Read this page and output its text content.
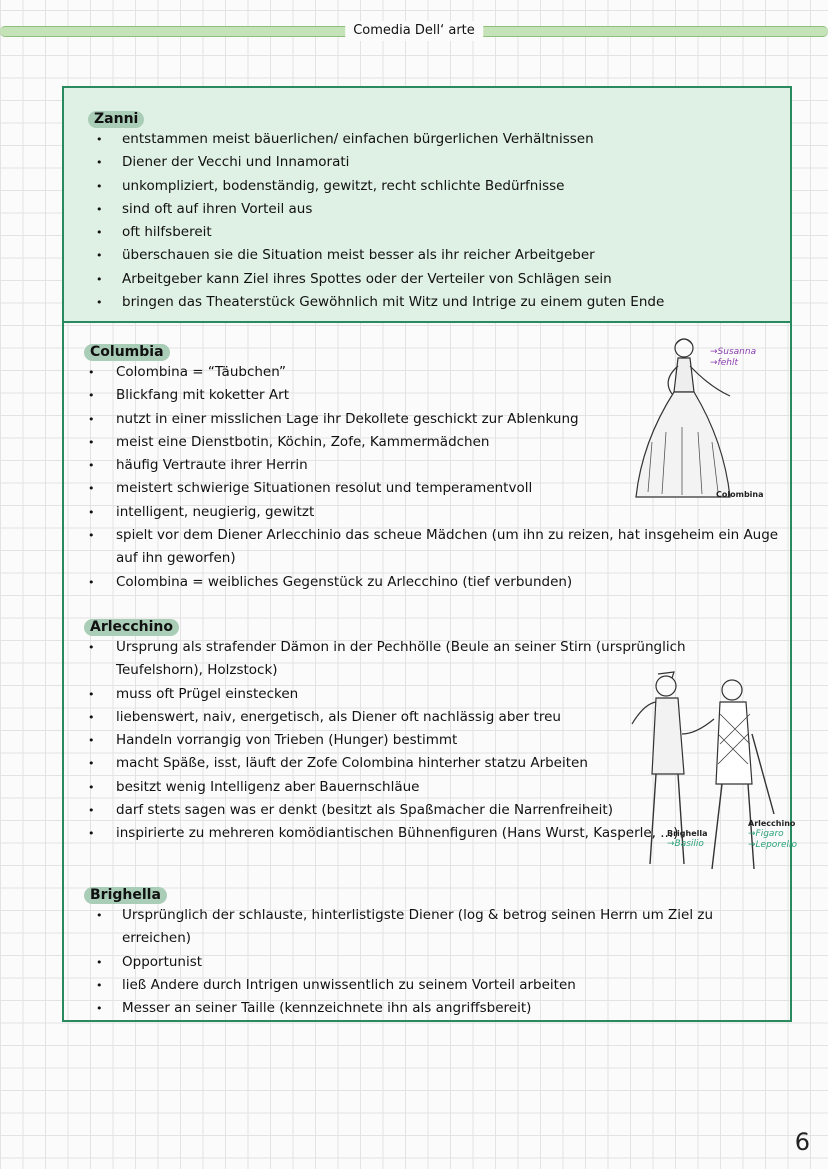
Comedia Dell‘ arte
Zanni
• entstammen meist bäuerlichen/ einfachen bürgerlichen Verhältnissen
• Diener der Vecchi und Innamorati
• unkompliziert, bodenständig, gewitzt, recht schlichte Bedürfnisse
• sind oft auf ihren Vorteil aus
• oft hilfsbereit
• überschauen sie die Situation meist besser als ihr reicher Arbeitgeber
• Arbeitgeber kann Ziel ihres Spottes oder der Verteiler von Schlägen sein
• bringen das Theaterstück Gewöhnlich mit Witz und Intrige zu einem guten Ende
Columbia
• Colombina = “Täubchen”
• Blickfang mit koketter Art
• nutzt in einer misslichen Lage ihr Dekollete geschickt zur Ablenkung
• meist eine Dienstbotin, Köchin, Zofe, Kammermädchen
• häufig Vertraute ihrer Herrin
• meistert schwierige Situationen resolut und temperamentvoll
• intelligent, neugierig, gewitzt
• spielt vor dem Diener Arlecchinio das scheue Mädchen (um ihn zu reizen, hat insgeheim ein Auge auf ihn geworfen)
• Colombina = weibliches Gegenstück zu Arlecchino (tief verbunden)
Colombina
→Susanna
→fehlt
Arlecchino
• Ursprung als strafender Dämon in der Pechhölle (Beule an seiner Stirn (ursprünglich Teufelshorn), Holzstock)
• muss oft Prügel einstecken
• liebenswert, naiv, energetisch, als Diener oft nachlässig aber treu
• Handeln vorrangig von Trieben (Hunger) bestimmt
• macht Späße, isst, läuft der Zofe Colombina hinterher statzu Arbeiten
• besitzt wenig Intelligenz aber Bauernschläue
• darf stets sagen was er denkt (besitzt als Spaßmacher die Narrenfreiheit)
• inspirierte zu mehreren komödiantischen Bühnenfiguren (Hans Wurst, Kasperle, ...)
Brighella
→Basilio
Arlecchino
→Figaro
→Leporello
Brighella
• Ursprünglich der schlauste, hinterlistigste Diener (log & betrog seinen Herrn um Ziel zu erreichen)
• Opportunist
• ließ Andere durch Intrigen unwissentlich zu seinem Vorteil arbeiten
• Messer an seiner Taille (kennzeichnete ihn als angriffsbereit)
6
